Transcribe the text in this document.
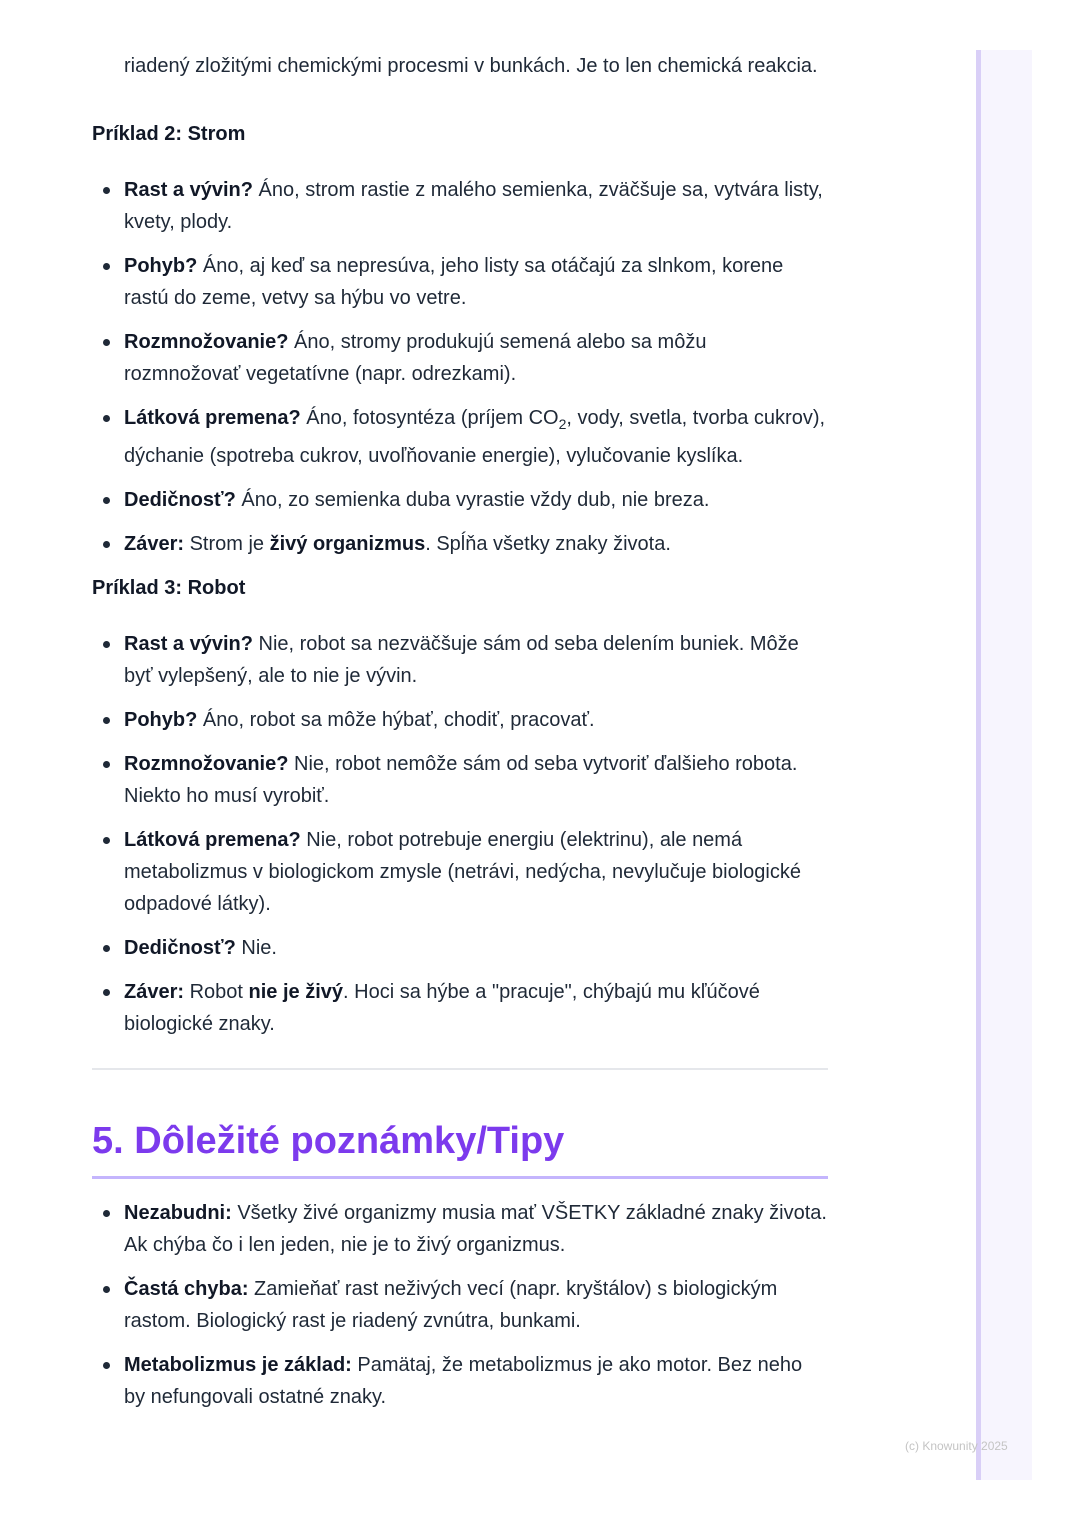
riadený zložitými chemickými procesmi v bunkách. Je to len chemická reakcia.

Príklad 2: Strom
Rast a vývin? Áno, strom rastie z malého semienka, zväčšuje sa, vytvára listy, kvety, plody.
Pohyb? Áno, aj keď sa nepresúva, jeho listy sa otáčajú za slnkom, korene rastú do zeme, vetvy sa hýbu vo vetre.
Rozmnožovanie? Áno, stromy produkujú semená alebo sa môžu rozmnožovať vegetatívne (napr. odrezkami).
Látková premena? Áno, fotosyntéza (príjem $CO_2$, vody, svetla, tvorba cukrov), dýchanie (spotreba cukrov, uvoľňovanie energie), vylučovanie kyslíka.
Dedičnosť? Áno, zo semienka duba vyrastie vždy dub, nie breza.
Záver: Strom je živý organizmus. Spĺňa všetky znaky života.
Príklad 3: Robot
Rast a vývin? Nie, robot sa nezväčšuje sám od seba delením buniek. Môže byť vylepšený, ale to nie je vývin.
Pohyb? Áno, robot sa môže hýbať, chodiť, pracovať.
Rozmnožovanie? Nie, robot nemôže sám od seba vytvoriť ďalšieho robota. Niekto ho musí vyrobiť.
Látková premena? Nie, robot potrebuje energiu (elektrinu), ale nemá metabolizmus v biologickom zmysle (netrávi, nedýcha, nevylučuje biologické odpadové látky).
Dedičnosť? Nie.
Záver: Robot nie je živý. Hoci sa hýbe a "pracuje", chýbajú mu kľúčové biologické znaky.
5. Dôležité poznámky/Tipy
Nezabudni: Všetky živé organizmy musia mať VŠETKY základné znaky života. Ak chýba čo i len jeden, nie je to živý organizmus.
Častá chyba: Zamieňať rast neživých vecí (napr. kryštálov) s biologickým rastom. Biologický rast je riadený zvnútra, bunkami.
Metabolizmus je základ: Pamätaj, že metabolizmus je ako motor. Bez neho by nefungovali ostatné znaky.
(c) Knowunity 2025
